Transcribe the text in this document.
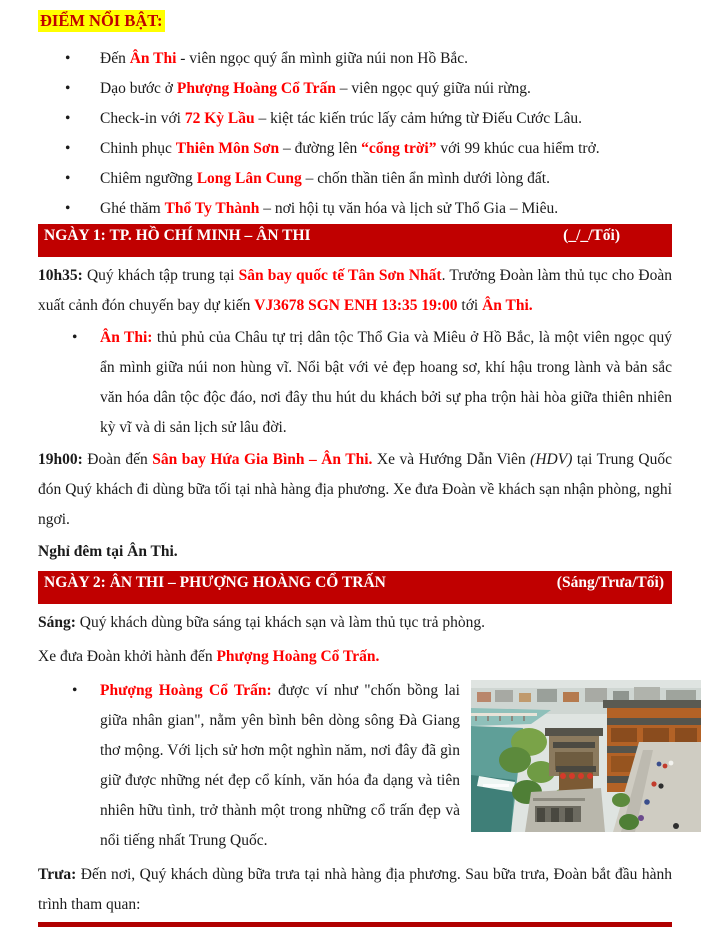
ĐIỂM NỔI BẬT:
• Đến Ân Thi - viên ngọc quý ẩn mình giữa núi non Hồ Bắc.
• Dạo bước ở Phượng Hoàng Cổ Trấn – viên ngọc quý giữa núi rừng.
• Check-in với 72 Kỳ Lầu – kiệt tác kiến trúc lấy cảm hứng từ Điếu Cước Lâu.
• Chinh phục Thiên Môn Sơn – đường lên “cổng trời” với 99 khúc cua hiểm trở.
• Chiêm ngưỡng Long Lân Cung – chốn thần tiên ẩn mình dưới lòng đất.
• Ghé thăm Thổ Ty Thành – nơi hội tụ văn hóa và lịch sử Thổ Gia – Miêu.
NGÀY 1: TP. HỒ CHÍ MINH – ÂN THI	(_/_/Tối)

10h35: Quý khách tập trung tại Sân bay quốc tế Tân Sơn Nhất. Trưởng Đoàn làm thủ tục cho Đoàn xuất cảnh đón chuyến bay dự kiến VJ3678 SGN ENH 13:35 19:00 tới Ân Thi.

• Ân Thi: thủ phủ của Châu tự trị dân tộc Thổ Gia và Miêu ở Hồ Bắc, là một viên ngọc quý ẩn mình giữa núi non hùng vĩ. Nổi bật với vẻ đẹp hoang sơ, khí hậu trong lành và bản sắc văn hóa dân tộc độc đáo, nơi đây thu hút du khách bởi sự pha trộn hài hòa giữa thiên nhiên kỳ vĩ và di sản lịch sử lâu đời.

19h00: Đoàn đến Sân bay Hứa Gia Bình – Ân Thi. Xe và Hướng Dẫn Viên (HDV) tại Trung Quốc đón Quý khách đi dùng bữa tối tại nhà hàng địa phương. Xe đưa Đoàn về khách sạn nhận phòng, nghỉ ngơi.

Nghỉ đêm tại Ân Thi.

NGÀY 2: ÂN THI – PHƯỢNG HOÀNG CỔ TRẤN	(Sáng/Trưa/Tối)

Sáng: Quý khách dùng bữa sáng tại khách sạn và làm thủ tục trả phòng.

Xe đưa Đoàn khởi hành đến Phượng Hoàng Cổ Trấn.

• Phượng Hoàng Cổ Trấn: được ví như "chốn bồng lai giữa nhân gian", nằm yên bình bên dòng sông Đà Giang thơ mộng. Với lịch sử hơn một nghìn năm, nơi đây đã gìn giữ được những nét đẹp cổ kính, văn hóa đa dạng và tiên nhiên hữu tình, trở thành một trong những cổ trấn đẹp và nổi tiếng nhất Trung Quốc.

Trưa: Đến nơi, Quý khách dùng bữa trưa tại nhà hàng địa phương. Sau bữa trưa, Đoàn bắt đầu hành trình tham quan:
